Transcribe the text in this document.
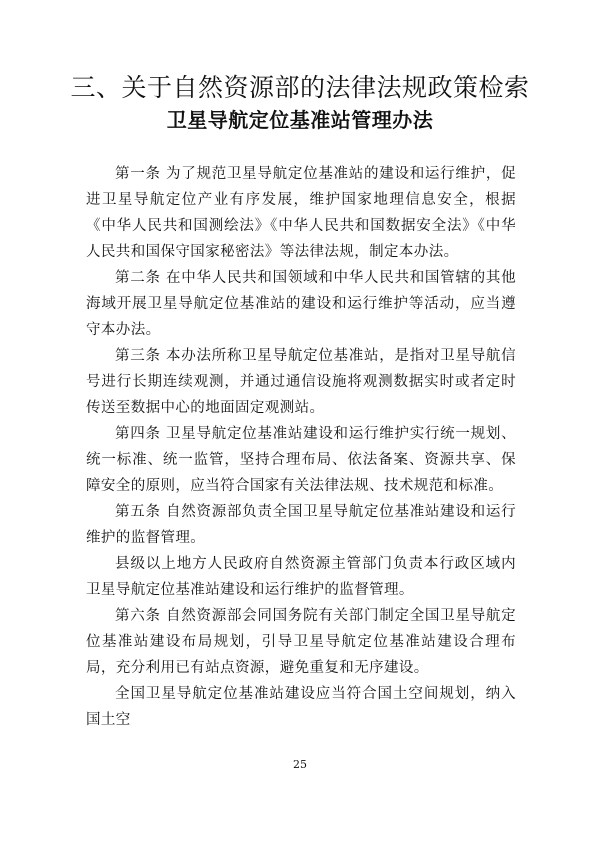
三、关于自然资源部的法律法规政策检索
卫星导航定位基准站管理办法

第一条 为了规范卫星导航定位基准站的建设和运行维护，促进卫星导航定位产业有序发展，维护国家地理信息安全，根据《中华人民共和国测绘法》《中华人民共和国数据安全法》《中华人民共和国保守国家秘密法》等法律法规，制定本办法。

第二条 在中华人民共和国领域和中华人民共和国管辖的其他海域开展卫星导航定位基准站的建设和运行维护等活动，应当遵守本办法。

第三条 本办法所称卫星导航定位基准站，是指对卫星导航信号进行长期连续观测，并通过通信设施将观测数据实时或者定时传送至数据中心的地面固定观测站。

第四条 卫星导航定位基准站建设和运行维护实行统一规划、统一标准、统一监管，坚持合理布局、依法备案、资源共享、保障安全的原则，应当符合国家有关法律法规、技术规范和标准。

第五条 自然资源部负责全国卫星导航定位基准站建设和运行维护的监督管理。

县级以上地方人民政府自然资源主管部门负责本行政区域内卫星导航定位基准站建设和运行维护的监督管理。

第六条 自然资源部会同国务院有关部门制定全国卫星导航定位基准站建设布局规划，引导卫星导航定位基准站建设合理布局，充分利用已有站点资源，避免重复和无序建设。

全国卫星导航定位基准站建设应当符合国土空间规划，纳入国土空

25
